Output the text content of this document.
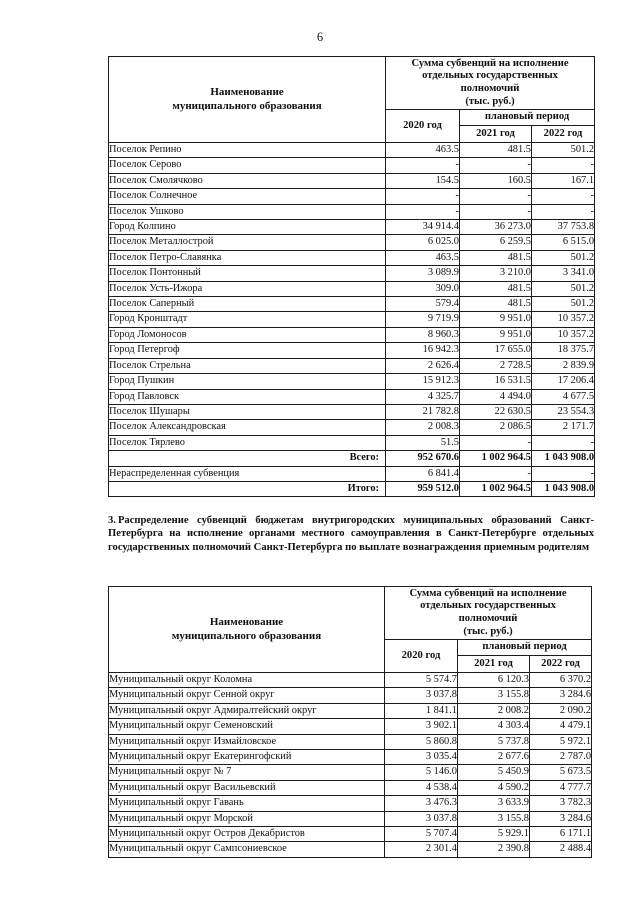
6
Наименование
муниципального образования

Сумма субвенций на исполнение
отдельных государственных
полномочий
(тыс. руб.)

	2020 год	плановый период	
		2021 год	2022 год
Поселок Репино	463.5	481.5	501.2
Поселок Серово	-	-	-
Поселок Смолячково	154.5	160.5	167.1
Поселок Солнечное	-	-	-
Поселок Ушково	-	-	-
Город Колпино	34 914.4	36 273.0	37 753.8
Поселок Металлострой	6 025.0	6 259.5	6 515.0
Поселок Петро-Славянка	463.5	481.5	501.2
Поселок Понтонный	3 089.9	3 210.0	3 341.0
Поселок Усть-Ижора	309.0	481.5	501.2
Поселок Саперный	579.4	481.5	501.2
Город Кронштадт	9 719.9	9 951.0	10 357.2
Город Ломоносов	8 960.3	9 951.0	10 357.2
Город Петергоф	16 942.3	17 655.0	18 375.7
Поселок Стрельна	2 626.4	2 728.5	2 839.9
Город Пушкин	15 912.3	16 531.5	17 206.4
Город Павловск	4 325.7	4 494.0	4 677.5
Поселок Шушары	21 782.8	22 630.5	23 554.3
Поселок Александровская	2 008.3	2 086.5	2 171.7
Поселок Тярлево	51.5	-	-
Всего:	952 670.6	1 002 964.5	1 043 908.0
Нераспределенная субвенция	6 841.4	-	-
Итого:	959 512.0	1 002 964.5	1 043 908.0
3. Распределение субвенций бюджетам внутригородских муниципальных образований Санкт-Петербурга на исполнение органами местного самоуправления в Санкт-Петербурге отдельных государственных полномочий Санкт-Петербурга по выплате вознаграждения приемным родителям
Наименование
муниципального образования

Сумма субвенций на исполнение
отдельных государственных
полномочий
(тыс. руб.)

	2020 год	плановый период	
		2021 год	2022 год
Муниципальный округ Коломна	5 574.7	6 120.3	6 370.2
Муниципальный округ Сенной округ	3 037.8	3 155.8	3 284.6
Муниципальный округ Адмиралтейский округ	1 841.1	2 008.2	2 090.2
Муниципальный округ Семеновский	3 902.1	4 303.4	4 479.1
Муниципальный округ Измайловское	5 860.8	5 737.8	5 972.1
Муниципальный округ Екатерингофский	3 035.4	2 677.6	2 787.0
Муниципальный округ № 7	5 146.0	5 450.9	5 673.5
Муниципальный округ Васильевский	4 538.4	4 590.2	4 777.7
Муниципальный округ Гавань	3 476.3	3 633.9	3 782.3
Муниципальный округ Морской	3 037.8	3 155.8	3 284.6
Муниципальный округ Остров Декабристов	5 707.4	5 929.1	6 171.1
Муниципальный округ Сампсониевское	2 301.4	2 390.8	2 488.4
